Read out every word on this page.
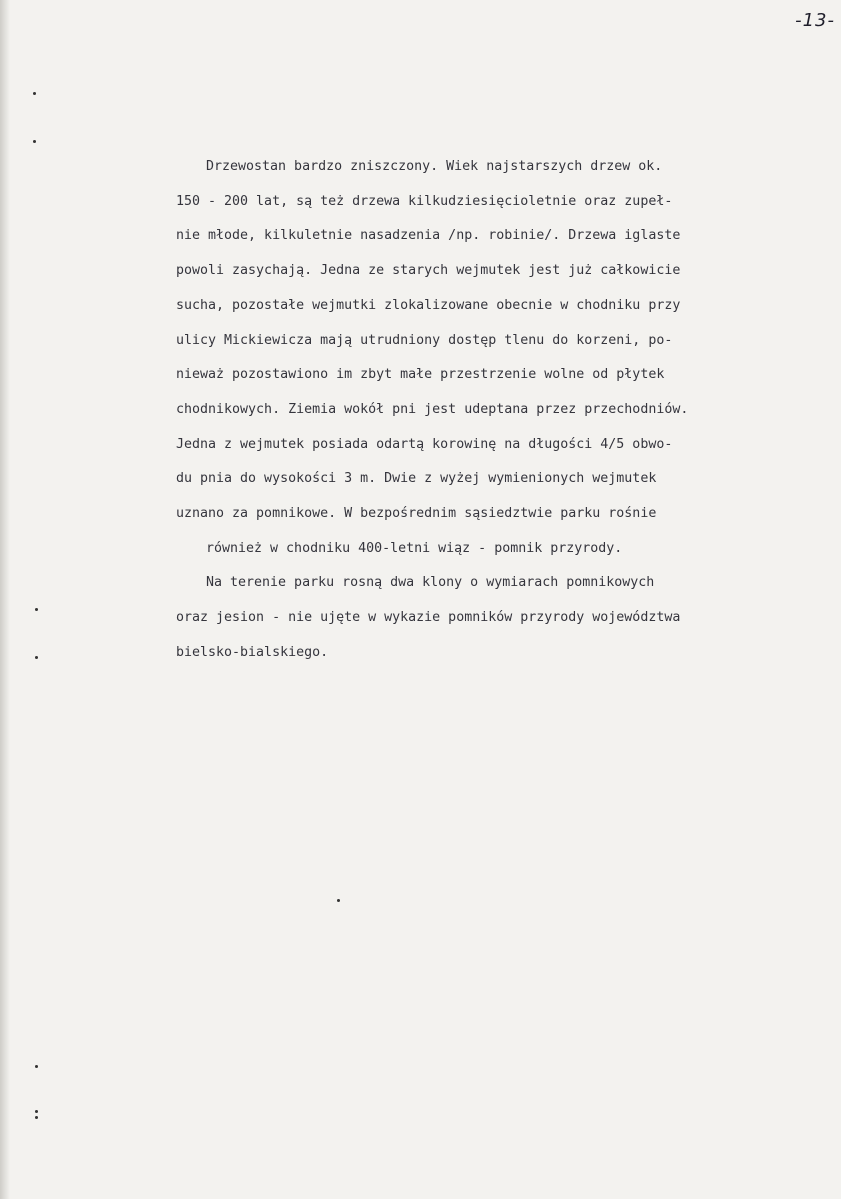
-13-
Drzewostan bardzo zniszczony. Wiek najstarszych drzew ok.
150 - 200 lat, są też drzewa kilkudziesięcioletnie oraz zupeł-
nie młode, kilkuletnie nasadzenia /np. robinie/. Drzewa iglaste
powoli zasychają. Jedna ze starych wejmutek jest już całkowicie
sucha, pozostałe wejmutki zlokalizowane obecnie w chodniku przy
ulicy Mickiewicza mają utrudniony dostęp tlenu do korzeni, po-
nieważ pozostawiono im zbyt małe przestrzenie wolne od płytek
chodnikowych. Ziemia wokół pni jest udeptana przez przechodniów.
Jedna z wejmutek posiada odartą korowinę na długości 4/5 obwo-
du pnia do wysokości 3 m. Dwie z wyżej wymienionych wejmutek
uznano za pomnikowe. W bezpośrednim sąsiedztwie parku rośnie
również w chodniku 400-letni wiąz - pomnik przyrody.
Na terenie parku rosną dwa klony o wymiarach pomnikowych
oraz jesion - nie ujęte w wykazie pomników przyrody województwa
bielsko-bialskiego.
